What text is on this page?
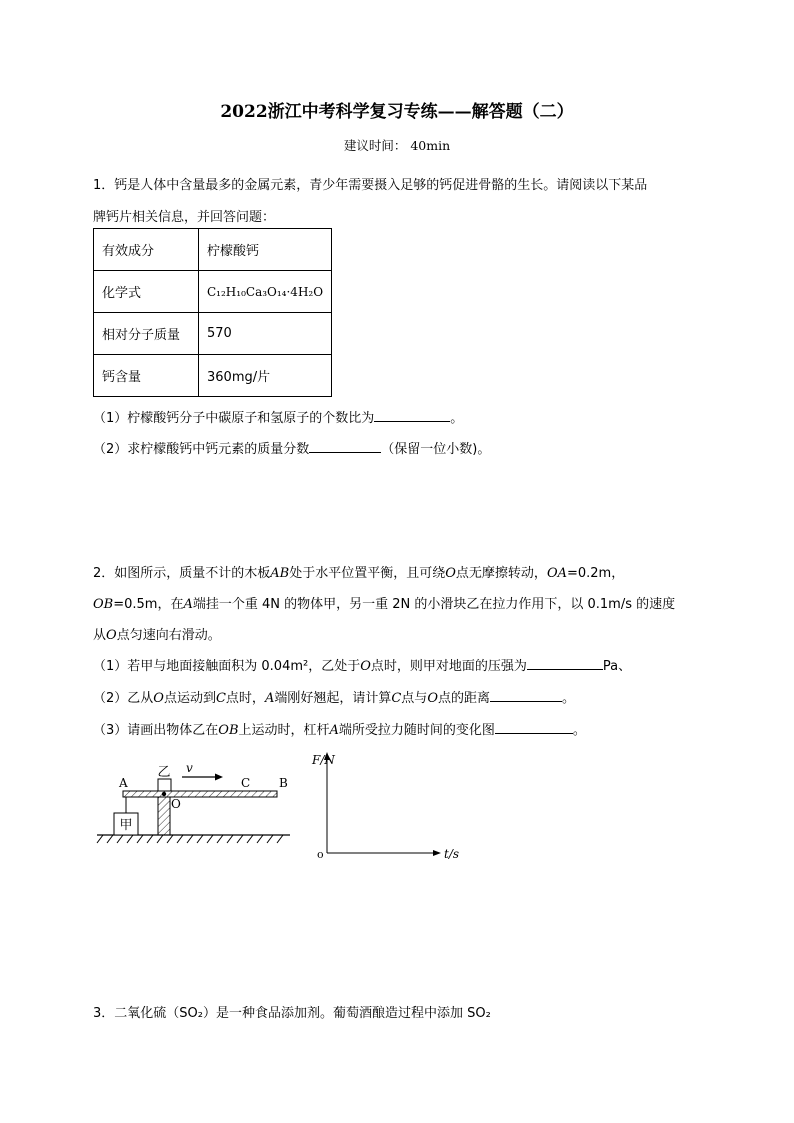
2022浙江中考科学复习专练——解答题（二）
建议时间： 40min
1．钙是人体中含量最多的金属元素，青少年需要摄入足够的钙促进骨骼的生长。请阅读以下某品
牌钙片相关信息，并回答问题：
有效成分	柠檬酸钙
化学式	C₁₂H₁₀Ca₃O₁₄·4H₂O
相对分子质量	570
钙含量	360mg/片
（1）柠檬酸钙分子中碳原子和氢原子的个数比为	。
（2）求柠檬酸钙中钙元素的质量分数	（保留一位小数)。
2．如图所示，质量不计的木板AB处于水平位置平衡，且可绕O点无摩擦转动，OA=0.2m，
OB=0.5m，在A端挂一个重 4N 的物体甲，另一重 2N 的小滑块乙在拉力作用下，以 0.1m/s 的速度
从O点匀速向右滑动。
（1）若甲与地面接触面积为 0.04m²，乙处于O点时，则甲对地面的压强为	Pa、
（2）乙从O点运动到C点时，A端刚好翘起，请计算C点与O点的距离	。
（3）请画出物体乙在OB上运动时，杠杆A端所受拉力随时间的变化图	。
甲
乙 v
A	B
C
O
F/N
t/s
o
3．二氧化硫（SO₂）是一种食品添加剂。葡萄酒酿造过程中添加 SO₂
